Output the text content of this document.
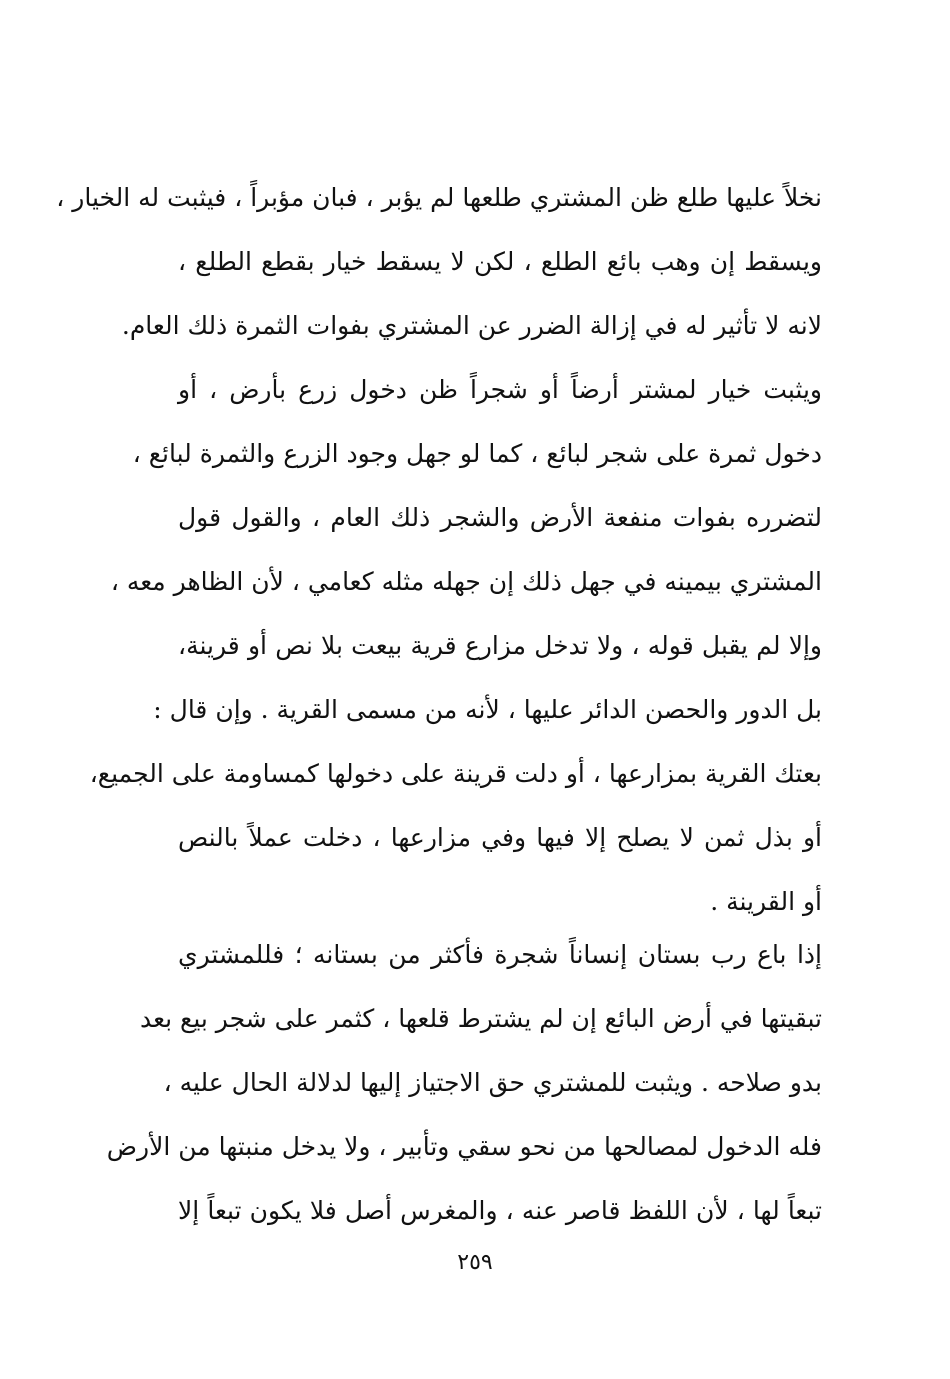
نخلاً عليها طلع ظن المشتري طلعها لم يؤبر ، فبان مؤبراً ، فيثبت له الخيار ،
ويسقط إن وهب بائع الطلع ، لكن لا يسقط خيار بقطع الطلع ،
لانه لا تأثير له في إزالة الضرر عن المشتري بفوات الثمرة ذلك العام.
ويثبت خيار لمشتر أرضاً أو شجراً ظن دخول زرع بأرض ، أو
دخول ثمرة على شجر لبائع ، كما لو جهل وجود الزرع والثمرة لبائع ،
لتضرره بفوات منفعة الأرض والشجر ذلك العام ، والقول قول
المشتري بيمينه في جهل ذلك إن جهله مثله كعامي ، لأن الظاهر معه ،
وإلا لم يقبل قوله ، ولا تدخل مزارع قرية بيعت بلا نص أو قرينة،
بل الدور والحصن الدائر عليها ، لأنه من مسمى القرية . وإن قال :
بعتك القرية بمزارعها ، أو دلت قرينة على دخولها كمساومة على الجميع،
أو بذل ثمن لا يصلح إلا فيها وفي مزارعها ، دخلت عملاً بالنص
أو القرينة .
إذا باع رب بستان إنساناً شجرة فأكثر من بستانه ؛ فللمشتري
تبقيتها في أرض البائع إن لم يشترط قلعها ، كثمر على شجر بيع بعد
بدو صلاحه . ويثبت للمشتري حق الاجتياز إليها لدلالة الحال عليه ،
فله الدخول لمصالحها من نحو سقي وتأبير ، ولا يدخل منبتها من الأرض
تبعاً لها ، لأن اللفظ قاصر عنه ، والمغرس أصل فلا يكون تبعاً إلا
٢٥٩
